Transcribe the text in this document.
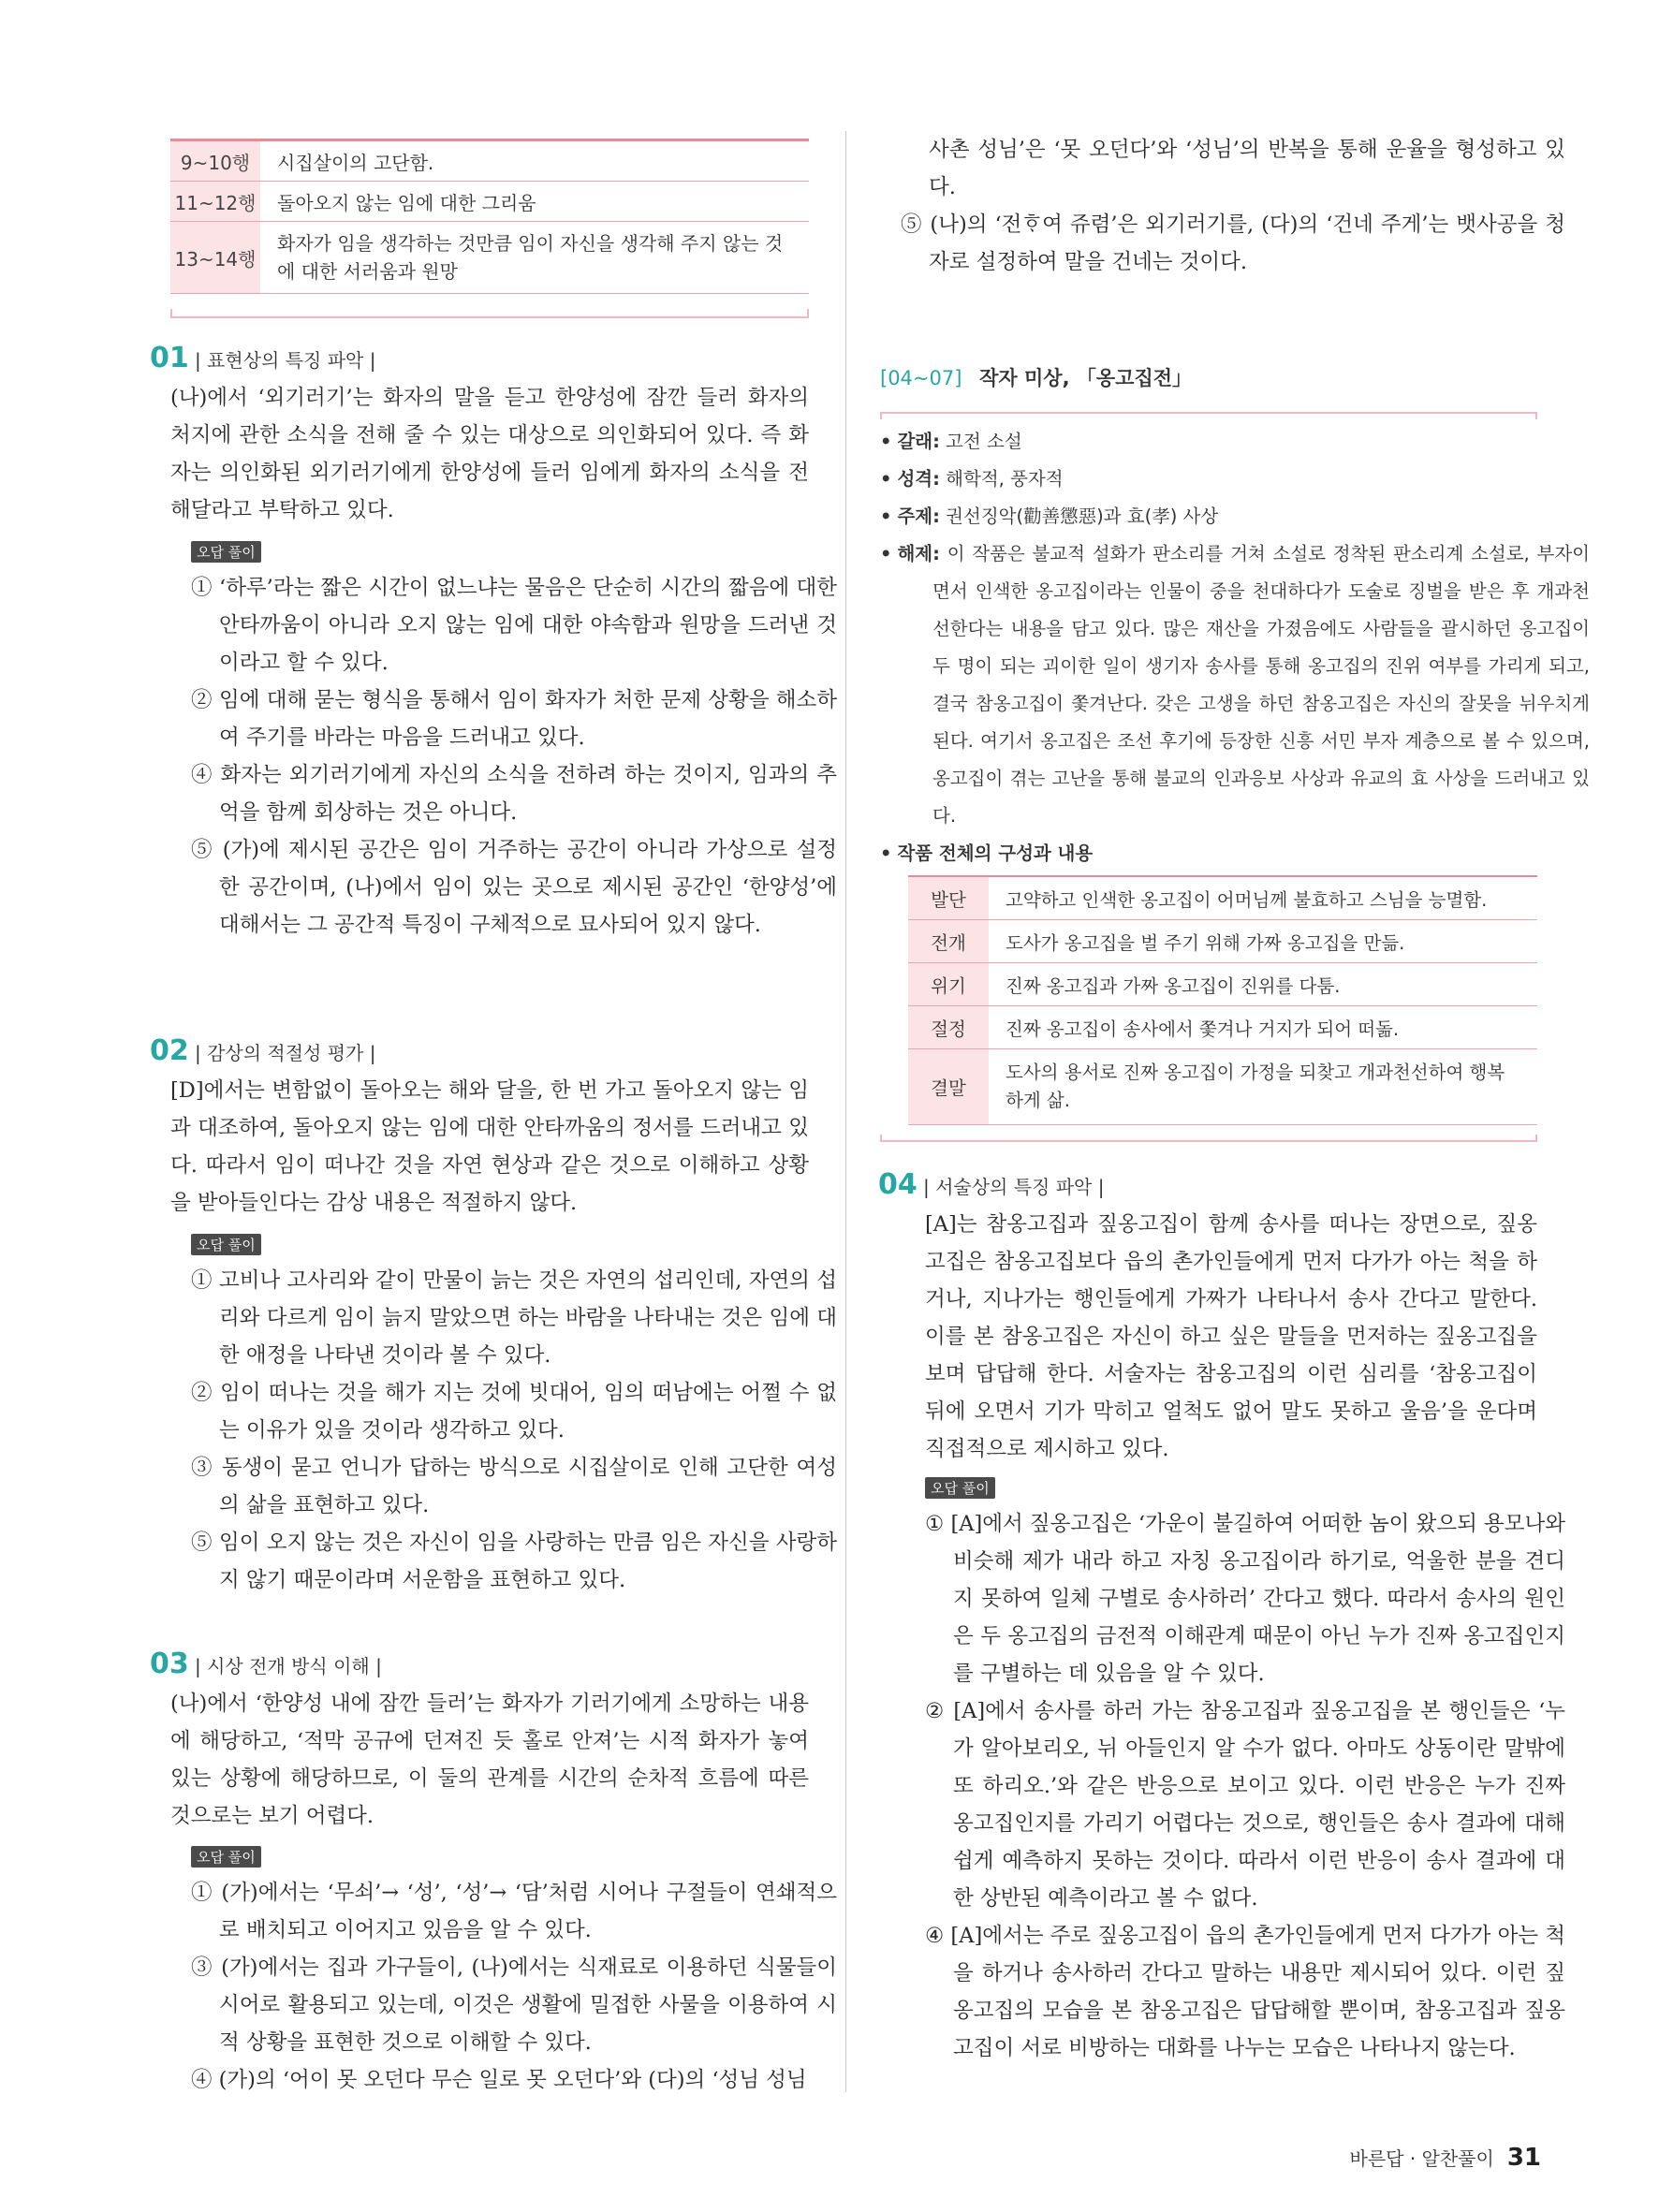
9~10행	시집살이의 고단함.
11~12행	돌아오지 않는 임에 대한 그리움
13~14행	화자가 임을 생각하는 것만큼 임이 자신을 생각해 주지 않는 것
에 대한 서러움과 원망
01 | 표현상의 특징 파악 |
(나)에서 ‘외기러기’는 화자의 말을 듣고 한양성에 잠깐 들러 화자의 처지에 관한 소식을 전해 줄 수 있는 대상으로 의인화되어 있다. 즉 화자는 의인화된 외기러기에게 한양성에 들러 임에게 화자의 소식을 전해달라고 부탁하고 있다.
오답 풀이
① ‘하루’라는 짧은 시간이 없느냐는 물음은 단순히 시간의 짧음에 대한 안타까움이 아니라 오지 않는 임에 대한 야속함과 원망을 드러낸 것이라고 할 수 있다.
② 임에 대해 묻는 형식을 통해서 임이 화자가 처한 문제 상황을 해소하여 주기를 바라는 마음을 드러내고 있다.
④ 화자는 외기러기에게 자신의 소식을 전하려 하는 것이지, 임과의 추억을 함께 회상하는 것은 아니다.
⑤ (가)에 제시된 공간은 임이 거주하는 공간이 아니라 가상으로 설정한 공간이며, (나)에서 임이 있는 곳으로 제시된 공간인 ‘한양성’에 대해서는 그 공간적 특징이 구체적으로 묘사되어 있지 않다.
02 | 감상의 적절성 평가 |
[D]에서는 변함없이 돌아오는 해와 달을, 한 번 가고 돌아오지 않는 임과 대조하여, 돌아오지 않는 임에 대한 안타까움의 정서를 드러내고 있다. 따라서 임이 떠나간 것을 자연 현상과 같은 것으로 이해하고 상황을 받아들인다는 감상 내용은 적절하지 않다.
오답 풀이
① 고비나 고사리와 같이 만물이 늙는 것은 자연의 섭리인데, 자연의 섭리와 다르게 임이 늙지 말았으면 하는 바람을 나타내는 것은 임에 대한 애정을 나타낸 것이라 볼 수 있다.
② 임이 떠나는 것을 해가 지는 것에 빗대어, 임의 떠남에는 어쩔 수 없는 이유가 있을 것이라 생각하고 있다.
③ 동생이 묻고 언니가 답하는 방식으로 시집살이로 인해 고단한 여성의 삶을 표현하고 있다.
⑤ 임이 오지 않는 것은 자신이 임을 사랑하는 만큼 임은 자신을 사랑하지 않기 때문이라며 서운함을 표현하고 있다.
03 | 시상 전개 방식 이해 |
(나)에서 ‘한양성 내에 잠깐 들러’는 화자가 기러기에게 소망하는 내용에 해당하고, ‘적막 공규에 던져진 듯 홀로 안져’는 시적 화자가 놓여 있는 상황에 해당하므로, 이 둘의 관계를 시간의 순차적 흐름에 따른 것으로는 보기 어렵다.
오답 풀이
① (가)에서는 ‘무쇠’→ ‘성’, ‘성’→ ‘담’처럼 시어나 구절들이 연쇄적으로 배치되고 이어지고 있음을 알 수 있다.
③ (가)에서는 집과 가구들이, (나)에서는 식재료로 이용하던 식물들이 시어로 활용되고 있는데, 이것은 생활에 밀접한 사물을 이용하여 시적 상황을 표현한 것으로 이해할 수 있다.
④ (가)의 ‘어이 못 오던다 무슨 일로 못 오던다’와 (다)의 ‘성님 성님
사촌 성님’은 ‘못 오던다’와 ‘성님’의 반복을 통해 운율을 형성하고 있다.
⑤ (나)의 ‘전ᄒᆞ여 쥬렴’은 외기러기를, (다)의 ‘건네 주게’는 뱃사공을 청자로 설정하여 말을 건네는 것이다.
[04~07] 작자 미상, 「옹고집전」
• 갈래: 고전 소설
• 성격: 해학적, 풍자적
• 주제: 권선징악(勸善懲惡)과 효(孝) 사상
• 해제: 이 작품은 불교적 설화가 판소리를 거쳐 소설로 정착된 판소리계 소설로, 부자이면서 인색한 옹고집이라는 인물이 중을 천대하다가 도술로 징벌을 받은 후 개과천선한다는 내용을 담고 있다. 많은 재산을 가졌음에도 사람들을 괄시하던 옹고집이 두 명이 되는 괴이한 일이 생기자 송사를 통해 옹고집의 진위 여부를 가리게 되고, 결국 참옹고집이 쫓겨난다. 갖은 고생을 하던 참옹고집은 자신의 잘못을 뉘우치게 된다. 여기서 옹고집은 조선 후기에 등장한 신흥 서민 부자 계층으로 볼 수 있으며, 옹고집이 겪는 고난을 통해 불교의 인과응보 사상과 유교의 효 사상을 드러내고 있다.
• 작품 전체의 구성과 내용
발단	고약하고 인색한 옹고집이 어머님께 불효하고 스님을 능멸함.
전개	도사가 옹고집을 벌 주기 위해 가짜 옹고집을 만듦.
위기	진짜 옹고집과 가짜 옹고집이 진위를 다툼.
절정	진짜 옹고집이 송사에서 쫓겨나 거지가 되어 떠돎.
결말	도사의 용서로 진짜 옹고집이 가정을 되찾고 개과천선하여 행복
하게 삶.
04 | 서술상의 특징 파악 |
[A]는 참옹고집과 짚옹고집이 함께 송사를 떠나는 장면으로, 짚옹고집은 참옹고집보다 읍의 촌가인들에게 먼저 다가가 아는 척을 하거나, 지나가는 행인들에게 가짜가 나타나서 송사 간다고 말한다. 이를 본 참옹고집은 자신이 하고 싶은 말들을 먼저하는 짚옹고집을 보며 답답해 한다. 서술자는 참옹고집의 이런 심리를 ‘참옹고집이 뒤에 오면서 기가 막히고 얼척도 없어 말도 못하고 울음’을 운다며 직접적으로 제시하고 있다.
오답 풀이
① [A]에서 짚옹고집은 ‘가운이 불길하여 어떠한 놈이 왔으되 용모나와 비슷해 제가 내라 하고 자칭 옹고집이라 하기로, 억울한 분을 견디지 못하여 일체 구별로 송사하러’ 간다고 했다. 따라서 송사의 원인은 두 옹고집의 금전적 이해관계 때문이 아닌 누가 진짜 옹고집인지를 구별하는 데 있음을 알 수 있다.
② [A]에서 송사를 하러 가는 참옹고집과 짚옹고집을 본 행인들은 ‘누가 알아보리오, 뉘 아들인지 알 수가 없다. 아마도 상동이란 말밖에 또 하리오.’와 같은 반응으로 보이고 있다. 이런 반응은 누가 진짜 옹고집인지를 가리기 어렵다는 것으로, 행인들은 송사 결과에 대해 쉽게 예측하지 못하는 것이다. 따라서 이런 반응이 송사 결과에 대한 상반된 예측이라고 볼 수 없다.
④ [A]에서는 주로 짚옹고집이 읍의 촌가인들에게 먼저 다가가 아는 척을 하거나 송사하러 간다고 말하는 내용만 제시되어 있다. 이런 짚옹고집의 모습을 본 참옹고집은 답답해할 뿐이며, 참옹고집과 짚옹고집이 서로 비방하는 대화를 나누는 모습은 나타나지 않는다.
바른답 · 알찬풀이 31
